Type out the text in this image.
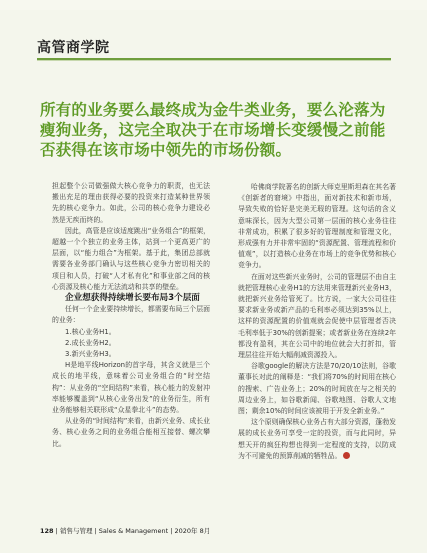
高管商学院
所有的业务要么最终成为金牛类业务，要么沦落为瘦狗业务，这完全取决于在市场增长变缓慢之前能否获得在该市场中领先的市场份额。

担起整个公司做强做大核心竞争力的职责，也无法搬出充足的理由获得必要的投资来打造某种世界领先的核心竞争力。如此，公司的核心竞争力建设必然是无疾而终的。

因此，高管是应该适度跳出“业务组合”的框架，超越一个个独立的业务主体，站到一个更高更广的层面，以“能力组合”为框架。基于此，集团总部就需要各业务部门确认与这些核心竞争力密切相关的项目和人员，打破“人才私有化”和事业部之间的核心资源及核心能力无法流动和共享的壁垒。

企业想获得持续增长要布局3个层面

任何一个企业要持续增长，都需要布局三个层面的业务：

1.核心业务H1。

2.成长业务H2。

3.新兴业务H3。

H是地平线Horizon的首字母，其含义就是三个成长的地平线，意味着公司业务组合的“时空结构”：从业务的“空间结构”来看，核心能力的发射冲率能够覆盖到“从核心业务出发”的业务衍生，所有业务能够相关联形成“众星拳北斗”的态势。

从业务的“时间结构”来看，由新兴业务、成长业务、核心业务之间的业务组合能相互接替、螺次攀比。

哈佛商学院著名的创新大师克里斯坦森在其名著《创新者的窘境》中指出，面对新技术和新市场，导致失败的恰好是完美无瑕的管理。这句话的含义意味深长，因为大型公司第一层面的核心业务往往非常成功，积累了很多好的管理制度和管理文化，形成强有力并非常牢固的“资源配置、管理流程和价值观”，以打造核心业务在市场上的竞争优势和核心竞争力。

在面对这些新兴业务时，公司的管理层不由自主就把管理核心业务H1的方法用来管理新兴业务H3，就把新兴业务给管死了。比方说，一家大公司往往要求新业务或新产品的毛利率必须达到35%以上，这样的资源配置的价值观就会促使中层管理者否决毛利率低于30%的创新提案；或者新业务在连续2年都没有盈利，其在公司中的地位就会大打折扣，管理层往往开始大幅削减资源投入。

谷歌google的解决方法是70/20/10法则，谷歌董事长对此的阐释是：“我们将70%的时间用在核心的搜索、广告业务上；20%的时间放在与之相关的周边业务上，如谷歌新闻、谷歌地图、谷歌人文地图；剩余10%的时间应该被用于开发全新业务。”

这个原则确保核心业务占有大部分资源，蓬勃发展的成长业务可享受一定的投资，而与此同时，异想天开的疯狂构想也得到一定程度的支持，以防成为不可避免的预算削减的牺牲品。

128 | 销售与管理 | Sales & Management | 2020年 8月
